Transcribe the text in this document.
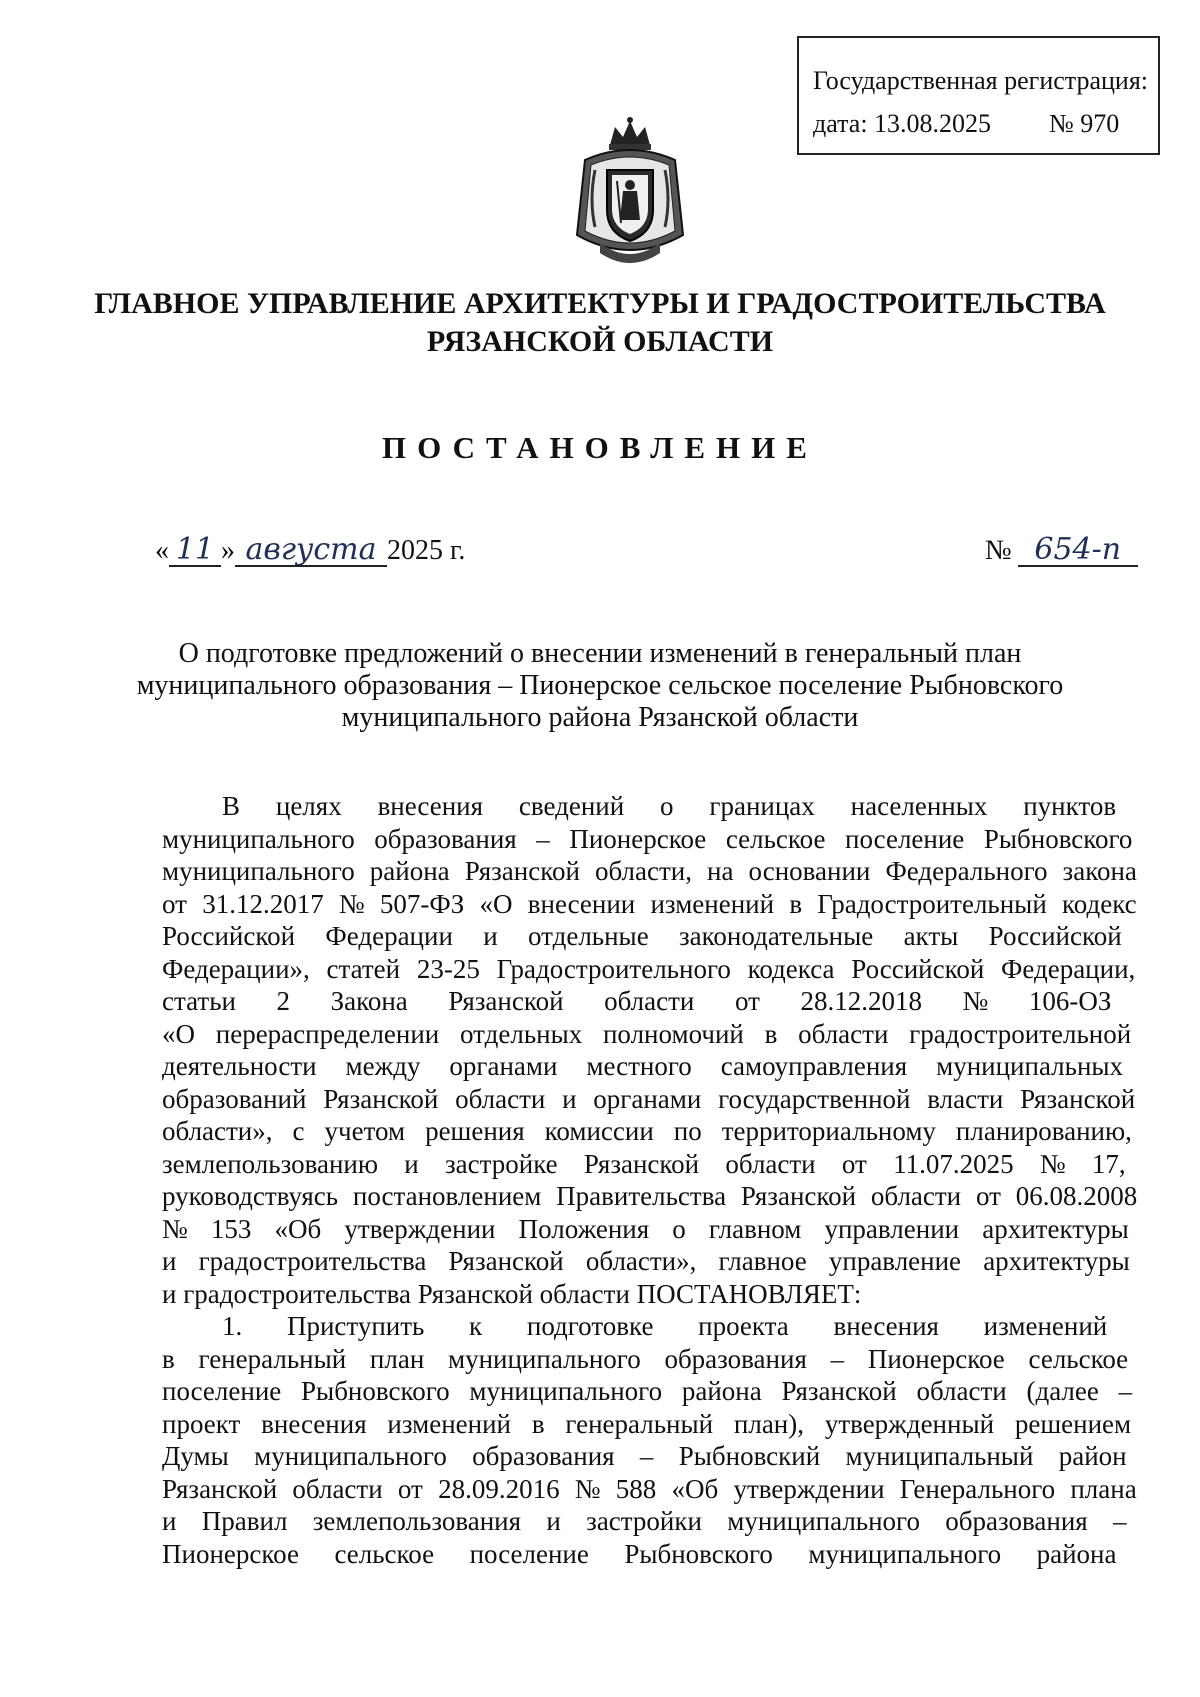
Государственная регистрация:
дата: 13.08.2025 № 970
ГЛАВНОЕ УПРАВЛЕНИЕ АРХИТЕКТУРЫ И ГРАДОСТРОИТЕЛЬСТВА
РЯЗАНСКОЙ ОБЛАСТИ
ПОСТАНОВЛЕНИЕ
« 11 » августа 2025 г.	№ 654-п
О подготовке предложений о внесении изменений в генеральный план
муниципального образования – Пионерское сельское поселение Рыбновского
муниципального района Рязанской области
В целях внесения сведений о границах населенных пунктов
муниципального образования – Пионерское сельское поселение Рыбновского
муниципального района Рязанской области, на основании Федерального закона
от 31.12.2017 № 507-ФЗ «О внесении изменений в Градостроительный кодекс
Российской Федерации и отдельные законодательные акты Российской
Федерации», статей 23-25 Градостроительного кодекса Российской Федерации,
статьи 2 Закона Рязанской области от 28.12.2018 № 106-ОЗ
«О перераспределении отдельных полномочий в области градостроительной
деятельности между органами местного самоуправления муниципальных
образований Рязанской области и органами государственной власти Рязанской
области», с учетом решения комиссии по территориальному планированию,
землепользованию и застройке Рязанской области от 11.07.2025 № 17,
руководствуясь постановлением Правительства Рязанской области от 06.08.2008
№ 153 «Об утверждении Положения о главном управлении архитектуры
и градостроительства Рязанской области», главное управление архитектуры
и градостроительства Рязанской области ПОСТАНОВЛЯЕТ:
1. Приступить к подготовке проекта внесения изменений
в генеральный план муниципального образования – Пионерское сельское
поселение Рыбновского муниципального района Рязанской области (далее –
проект внесения изменений в генеральный план), утвержденный решением
Думы муниципального образования – Рыбновский муниципальный район
Рязанской области от 28.09.2016 № 588 «Об утверждении Генерального плана
и Правил землепользования и застройки муниципального образования –
Пионерское сельское поселение Рыбновского муниципального района
